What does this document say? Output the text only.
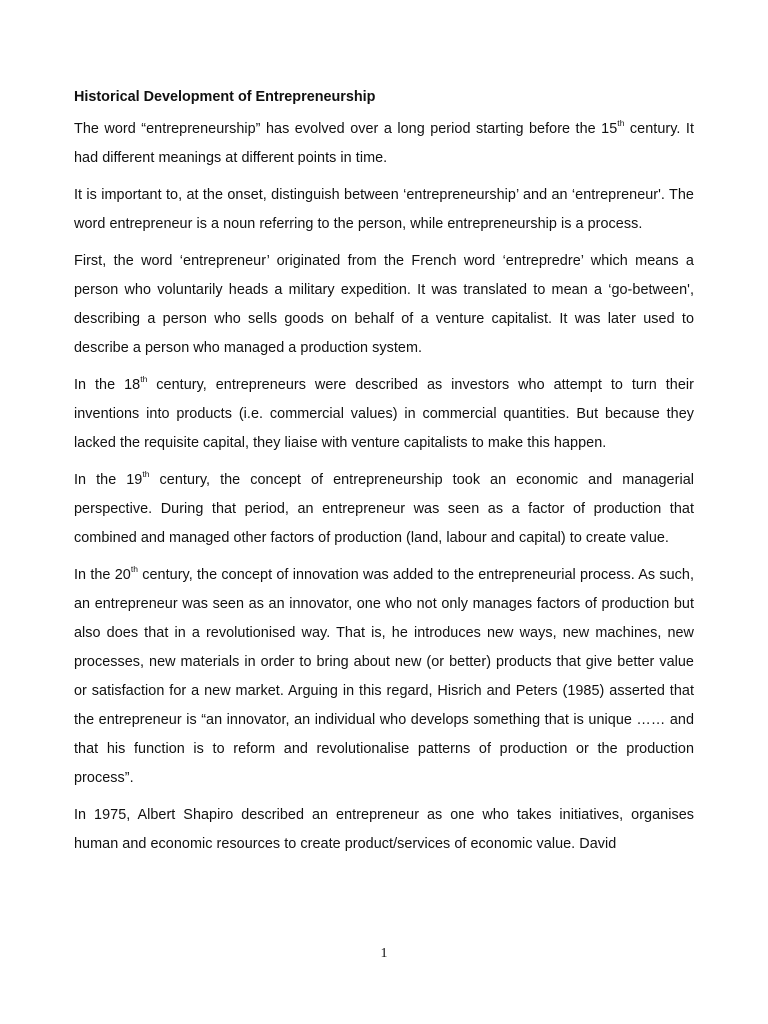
Historical Development of Entrepreneurship

The word “entrepreneurship” has evolved over a long period starting before the 15th century. It had different meanings at different points in time.

It is important to, at the onset, distinguish between ‘entrepreneurship’ and an ‘entrepreneur'. The word entrepreneur is a noun referring to the person, while entrepreneurship is a process.

First, the word ‘entrepreneur’ originated from the French word ‘entrepredre’ which means a person who voluntarily heads a military expedition. It was translated to mean a ‘go-between', describing a person who sells goods on behalf of a venture capitalist. It was later used to describe a person who managed a production system.

In the 18th century, entrepreneurs were described as investors who attempt to turn their inventions into products (i.e. commercial values) in commercial quantities. But because they lacked the requisite capital, they liaise with venture capitalists to make this happen.

In the 19th century, the concept of entrepreneurship took an economic and managerial perspective. During that period, an entrepreneur was seen as a factor of production that combined and managed other factors of production (land, labour and capital) to create value.

In the 20th century, the concept of innovation was added to the entrepreneurial process. As such, an entrepreneur was seen as an innovator, one who not only manages factors of production but also does that in a revolutionised way. That is, he introduces new ways, new machines, new processes, new materials in order to bring about new (or better) products that give better value or satisfaction for a new market. Arguing in this regard, Hisrich and Peters (1985) asserted that the entrepreneur is “an innovator, an individual who develops something that is unique …… and that his function is to reform and revolutionalise patterns of production or the production process”.

In 1975, Albert Shapiro described an entrepreneur as one who takes initiatives, organises human and economic resources to create product/services of economic value. David

1
